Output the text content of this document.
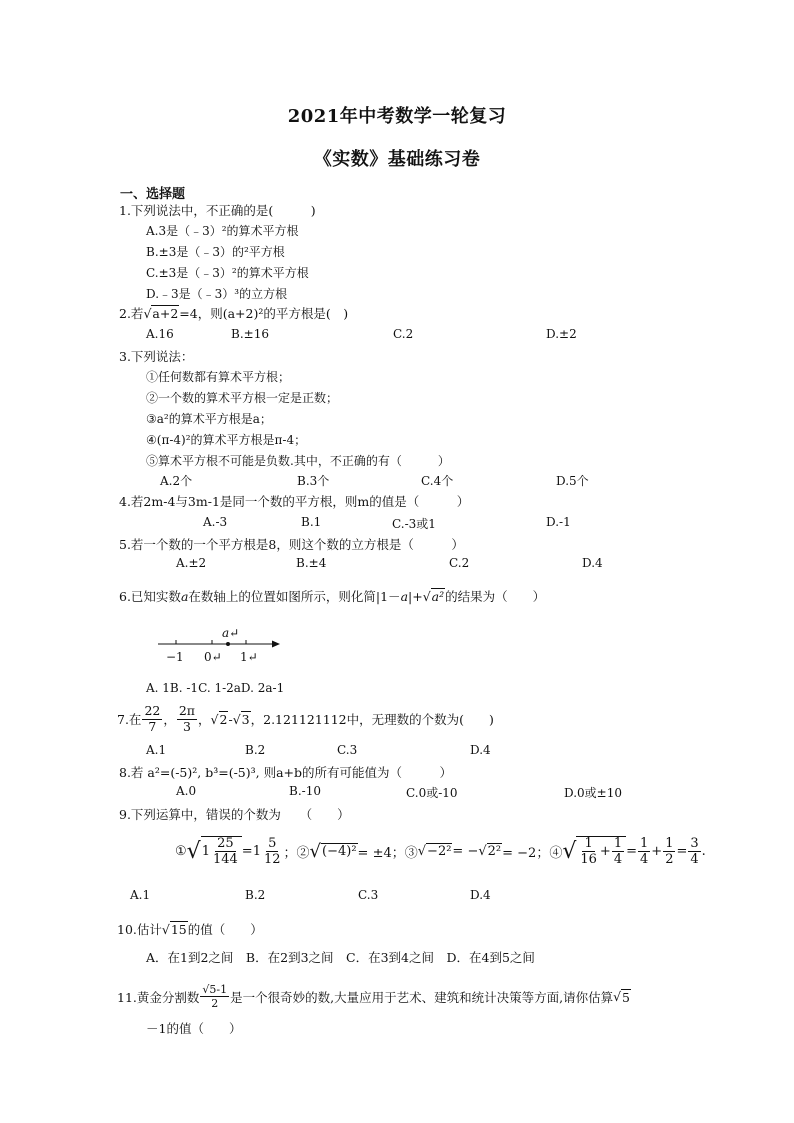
2021年中考数学一轮复习
《实数》基础练习卷
一、选择题
1.下列说法中，不正确的是(　　　)
A.3是（﹣3）²的算术平方根
B.±3是（﹣3）的²平方根
C.±3是（﹣3）²的算术平方根
D.﹣3是（﹣3）³的立方根
2.若√a+2=4，则(a+2)²的平方根是(　)
A.16	B.±16	C.2	D.±2
3.下列说法：
①任何数都有算术平方根；
②一个数的算术平方根一定是正数；
③a²的算术平方根是a；
④(π-4)²的算术平方根是π-4；
⑤算术平方根不可能是负数.其中，不正确的有（　　　）
A.2个	B.3个	C.4个	D.5个
4.若2m-4与3m-1是同一个数的平方根，则m的值是（　　　）
A.-3	B.1	C.-3或1	D.-1
5.若一个数的一个平方根是8，则这个数的立方根是（　　　）
A.±2	B.±4	C.2	D.4
6.已知实数a在数轴上的位置如图所示，则化简|1－a|+√a²的结果为（　　）
a↵
−1 0↵ 1↵
A. 1B. -1C. 1-2aD. 2a-1
7.在 $\frac{22}{7}$ ， $\frac{2\pi}{3}$ ， √ 2 - √ 3 ，2.121121112中，无理数的个数为(　　)
A.1	B.2	C.3	D.4
8.若 a²=(-5)², b³=(-5)³, 则a+b的所有可能值为（　　　）
A.0	B.-10	C.0或-10	D.0或±10
9.下列运算中，错误的个数为　　（　　）
① √ $1 \frac{25}{144} =1 \frac{5}{12}$ ；② √ (−4)² = ±4；③ √ −2² = − √ 2² = −2；④ √ $\frac{1}{16} + \frac{1}{4} = \frac{1}{4} + \frac{1}{2} = \frac{3}{4}$ .
A.1	B.2	C.3	D.4
10.估计√15的值（　　）
A．在1到2之间　B．在2到3之间　C．在3到4之间　D．在4到5之间
11.黄金分割数 $\frac{√5-1}{2}$ 是一个很奇妙的数,大量应用于艺术、建筑和统计决策等方面,请你估算 √ 5
－1的值（　　）
